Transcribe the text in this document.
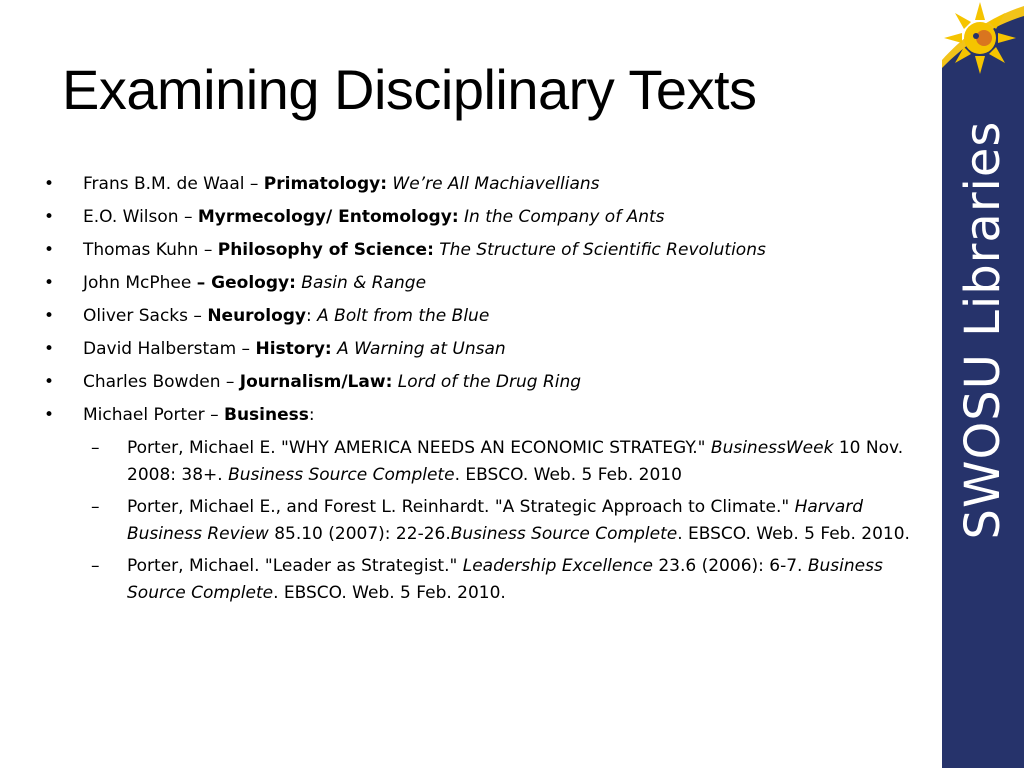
Examining Disciplinary Texts
• Frans B.M. de Waal – Primatology: We’re All Machiavellians
• E.O. Wilson – Myrmecology/ Entomology: In the Company of Ants
• Thomas Kuhn – Philosophy of Science: The Structure of Scientific Revolutions
• John McPhee – Geology: Basin & Range
• Oliver Sacks – Neurology: A Bolt from the Blue
• David Halberstam – History: A Warning at Unsan
• Charles Bowden – Journalism/Law: Lord of the Drug Ring
• Michael Porter – Business:
– Porter, Michael E. "WHY AMERICA NEEDS AN ECONOMIC STRATEGY." BusinessWeek 10 Nov. 2008: 38+. Business Source Complete. EBSCO. Web. 5 Feb. 2010
– Porter, Michael E., and Forest L. Reinhardt. "A Strategic Approach to Climate." Harvard Business Review 85.10 (2007): 22-26.Business Source Complete. EBSCO. Web. 5 Feb. 2010.
– Porter, Michael. "Leader as Strategist." Leadership Excellence 23.6 (2006): 6-7. Business Source Complete. EBSCO. Web. 5 Feb. 2010.
SWOSU Libraries
